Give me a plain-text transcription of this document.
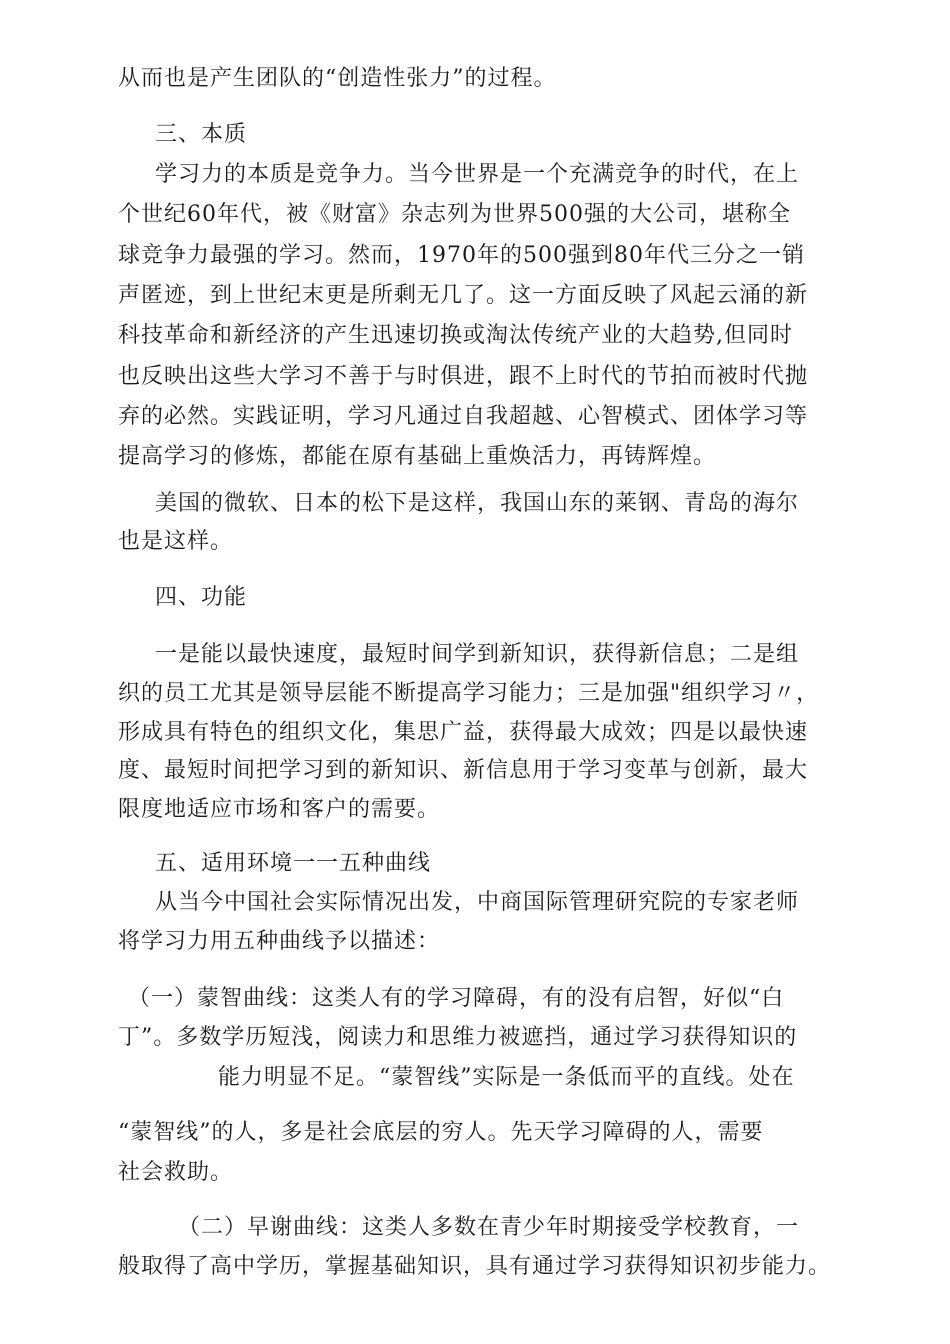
从而也是产生团队的“创造性张力”的过程。

三、本质

学习力的本质是竞争力。当今世界是一个充满竞争的时代，在上

个世纪60年代，被《财富》杂志列为世界500强的大公司，堪称全

球竞争力最强的学习。然而，1970年的500强到80年代三分之一销

声匿迹，到上世纪末更是所剩无几了。这一方面反映了风起云涌的新

科技革命和新经济的产生迅速切换或淘汰传统产业的大趋势,但同时

也反映出这些大学习不善于与时俱进，跟不上时代的节拍而被时代抛

弃的必然。实践证明，学习凡通过自我超越、心智模式、团体学习等

提高学习的修炼，都能在原有基础上重焕活力，再铸辉煌。

美国的微软、日本的松下是这样，我国山东的莱钢、青岛的海尔

也是这样。

四、功能

一是能以最快速度，最短时间学到新知识，获得新信息；二是组

织的员工尤其是领导层能不断提高学习能力；三是加强"组织学习〃，

形成具有特色的组织文化，集思广益，获得最大成效；四是以最快速

度、最短时间把学习到的新知识、新信息用于学习变革与创新，最大

限度地适应市场和客户的需要。

五、适用环境一一五种曲线

从当今中国社会实际情况出发，中商国际管理研究院的专家老师

将学习力用五种曲线予以描述：

（一）蒙智曲线：这类人有的学习障碍，有的没有启智，好似“白

丁”。多数学历短浅，阅读力和思维力被遮挡，通过学习获得知识的

能力明显不足。“蒙智线”实际是一条低而平的直线。处在

“蒙智线”的人，多是社会底层的穷人。先天学习障碍的人，需要

社会救助。

（二）早谢曲线：这类人多数在青少年时期接受学校教育，一

般取得了高中学历，掌握基础知识，具有通过学习获得知识初步能力。
